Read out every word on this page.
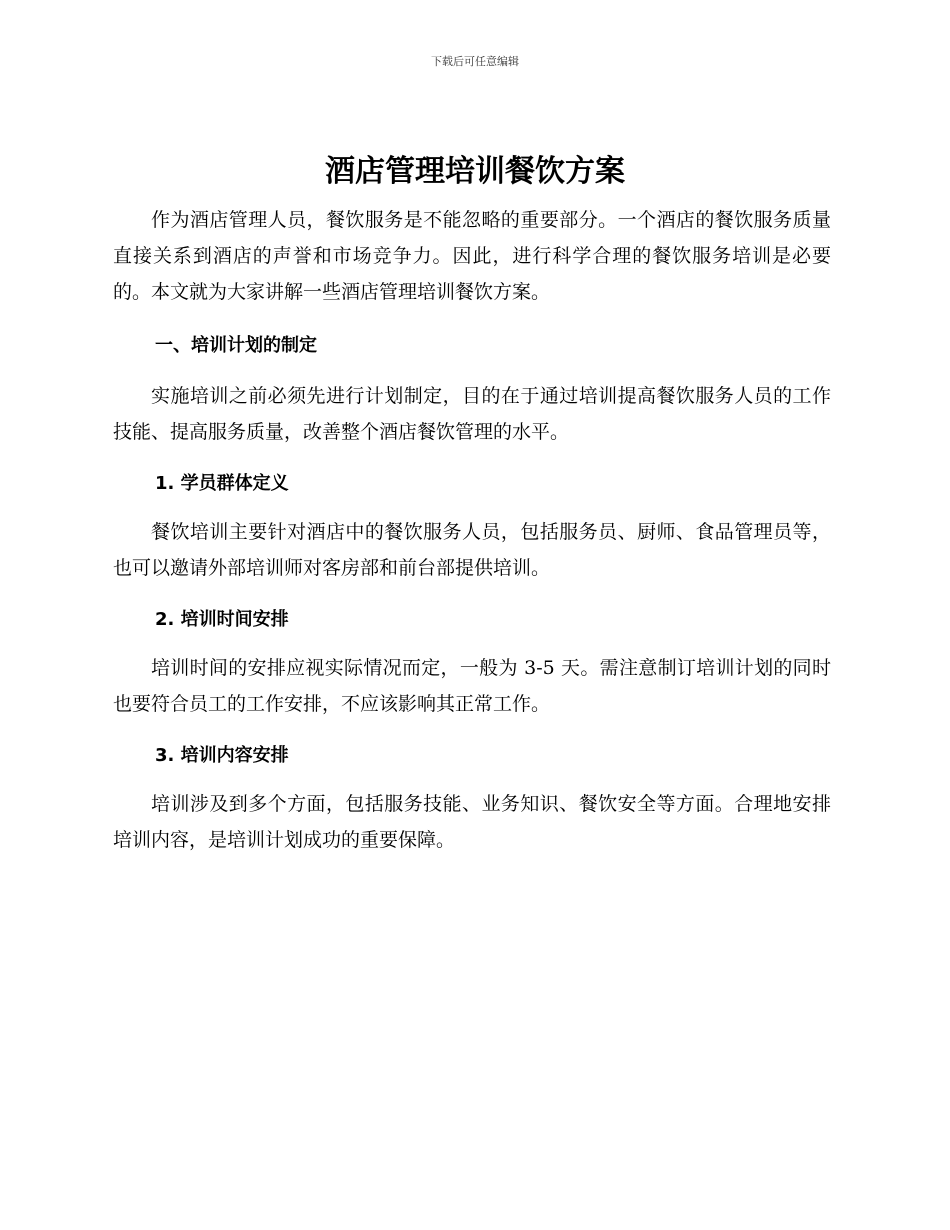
下载后可任意编辑
酒店管理培训餐饮方案

作为酒店管理人员，餐饮服务是不能忽略的重要部分。一个酒店的餐饮服务质量直接关系到酒店的声誉和市场竞争力。因此，进行科学合理的餐饮服务培训是必要的。本文就为大家讲解一些酒店管理培训餐饮方案。

一、培训计划的制定

实施培训之前必须先进行计划制定，目的在于通过培训提高餐饮服务人员的工作技能、提高服务质量，改善整个酒店餐饮管理的水平。

1. 学员群体定义

餐饮培训主要针对酒店中的餐饮服务人员，包括服务员、厨师、食品管理员等，也可以邀请外部培训师对客房部和前台部提供培训。

2. 培训时间安排

培训时间的安排应视实际情况而定，一般为 3-5 天。需注意制订培训计划的同时也要符合员工的工作安排，不应该影响其正常工作。

3. 培训内容安排

培训涉及到多个方面，包括服务技能、业务知识、餐饮安全等方面。合理地安排培训内容，是培训计划成功的重要保障。
